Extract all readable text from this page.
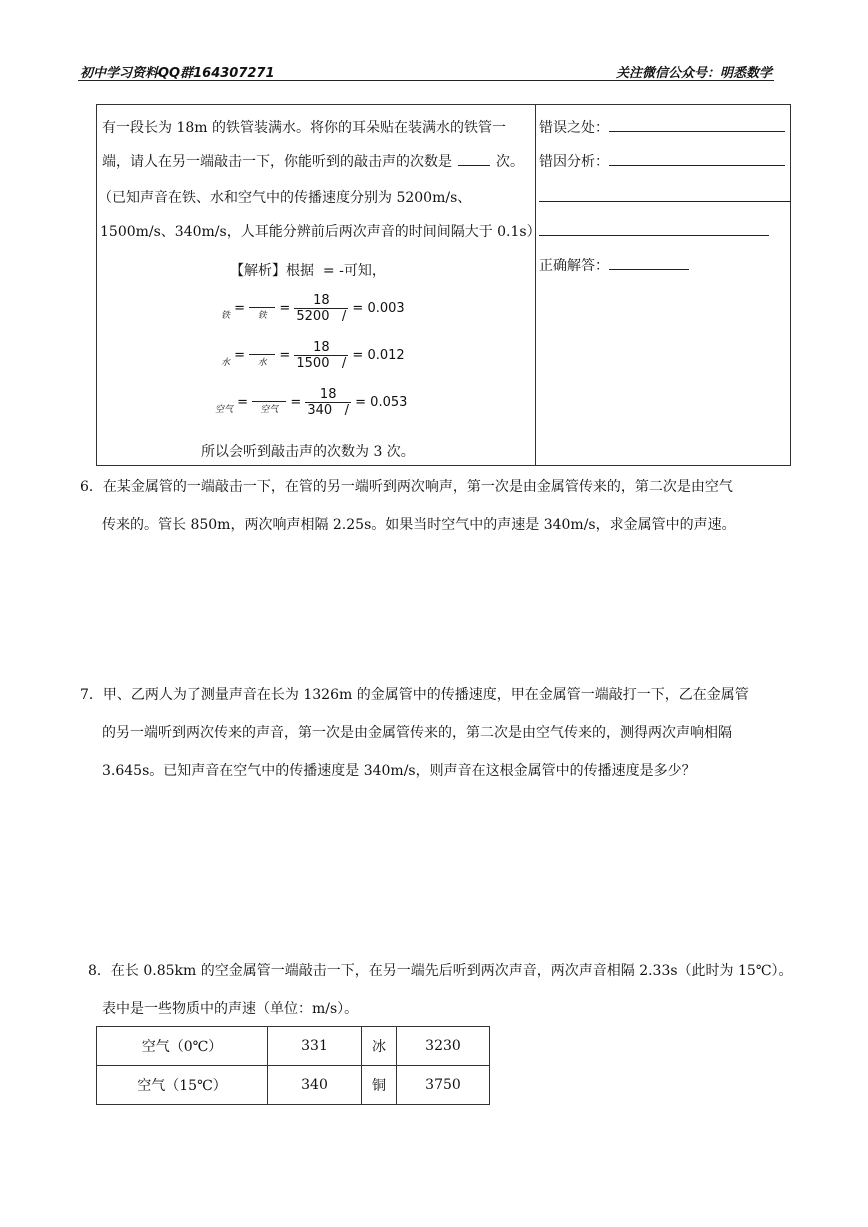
初中学习资料QQ群164307271	关注微信公众号：明悉数学
有一段长为 18m 的铁管装满水。将你的耳朵贴在装满水的铁管一
端，请人在另一端敲击一下，你能听到的敲击声的次数是	次。
（已知声音在铁、水和空气中的传播速度分别为 5200m/s、
1500m/s、340m/s，人耳能分辨前后两次声音的时间间隔大于 0.1s）
【解析】根据 = -可知，
铁 =	铁 = $\frac{18}{5200 /} = 0.003$
水 =	水 = $\frac{18}{1500 /} = 0.012$
空气 =	空气 = $\frac{18}{340 /} = 0.053$
所以会听到敲击声的次数为 3 次。
错误之处：
错因分析：
正确解答：
6．在某金属管的一端敲击一下，在管的另一端听到两次响声，第一次是由金属管传来的，第二次是由空气
传来的。管长 850m，两次响声相隔 2.25s。如果当时空气中的声速是 340m/s，求金属管中的声速。
7．甲、乙两人为了测量声音在长为 1326m 的金属管中的传播速度，甲在金属管一端敲打一下，乙在金属管
的另一端听到两次传来的声音，第一次是由金属管传来的，第二次是由空气传来的，测得两次声响相隔
3.645s。已知声音在空气中的传播速度是 340m/s，则声音在这根金属管中的传播速度是多少？
8．在长 0.85km 的空金属管一端敲击一下，在另一端先后听到两次声音，两次声音相隔 2.33s（此时为 15℃）。
表中是一些物质中的声速（单位：m/s）。
空气（0℃）	331	冰	3230
空气（15℃）	340	铜	3750
